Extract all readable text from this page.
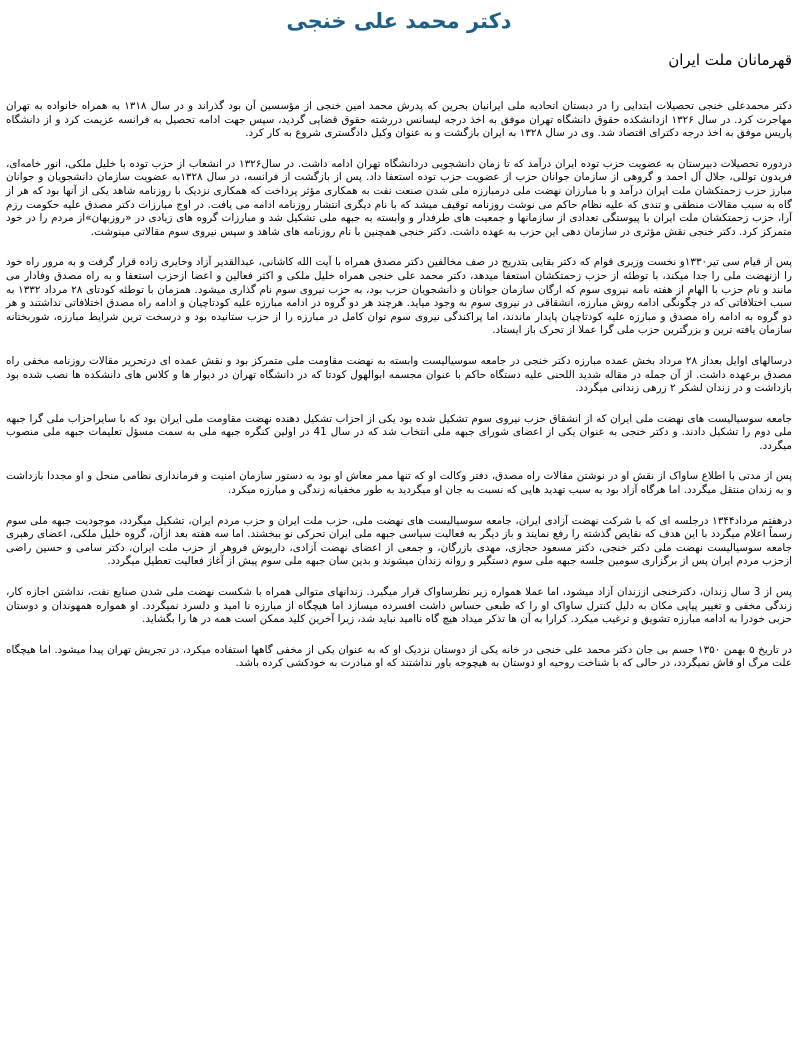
دکتر محمد علی خنجی
قهرمانان ملت ایران

دکتر محمدعلی خنجی تحصیلات ابتدایی را در دبستان اتحادیه ملی ایرانیان بحرین که پدرش محمد امین خنجی از مؤسسین آن بود گذراند و در سال ۱۳۱۸ به همراه خانواده به تهران مهاجرت کرد. در سال ۱۳۲۶ ازدانشکده حقوق دانشگاه تهران موفق به اخذ درجه لیسانس دررشته حقوق قضایی گردید، سپس جهت ادامه تحصیل به فرانسه عزیمت کرد و از دانشگاه پاریس موفق به اخذ درجه دکترای اقتصاد شد. وی در سال ۱۳۲۸ به ایران بازگشت و به عنوان وکیل دادگستری شروع به کار کرد.

دردوره تحصیلات دبیرستان به عضویت حزب توده ایران درآمد که تا زمان دانشجویی دردانشگاه تهران ادامه داشت. در سال۱۳۲۶ در انشعاب از حزب توده با خلیل ملکی، انور خامه‌ای، فریدون توللی، جلال آل احمد و گروهی از سازمان جوانان حزب از عضویت حزب توده استعفا داد. پس از بازگشت از فرانسه، در سال ۱۳۲۸به عضویت سازمان دانشجویان و جوانان مبارز حزب زحمتکشان ملت ایران درآمد و با مبارزان نهضت ملی درمبارزه ملی شدن صنعت نفت به همکاری مؤثر پرداخت که همکاری نزدیک با روزنامه شاهد یکی از آنها بود که هر از گاه به سبب مقالات منطقی و تندی که علیه نظام حاکم می نوشت روزنامه توقیف میشد که با نام دیگری انتشار روزنامه ادامه می یافت. در اوج مبارزات دکتر مصدق علیه حکومت رزم آرا، حزب زحمتکشان ملت ایران با پیوستگی تعدادی از سازمانها و جمعیت های طرفدار و وابسته به جبهه ملی تشکیل شد و مبارزات گروه های زیادی در «روزبهان»از مردم را در خود متمرکز کرد. دکتر خنجی نقش مؤثری در سازمان دهی این حزب به عهده داشت. دکتر خنجی همچنین با نام روزنامه های شاهد و سپس نیروی سوم مقالاتی مینوشت.

پس از قیام سی تیر۱۳۳۰و نخست وزیری قوام که دکتر بقایی بتدریج در صف مخالفین دکتر مصدق همراه با آیت الله کاشانی، عبدالقدیر آزاد وحایری زاده قرار گرفت و به مرور راه خود را ازنهضت ملی را جدا میکند، با توطئه از حزب زحمتکشان استعفا میدهد، دکتر محمد علی خنجی همراه خلیل ملکی و اکثر فعالین و اعضا ازحزب استعفا و به راه مصدق وفادار می مانند و نام حزب با الهام از هفته نامه نیروی سوم که ارگان سازمان جوانان و دانشجویان حزب بود، به حزب نیروی سوم نام گذاری میشود. همزمان با توطئه کودتای ۲۸ مرداد ۱۳۳۲ به سبب اختلافاتی که در چگونگی ادامه روش مبارزه، انشقاقی در نیروی سوم به وجود میاید. هرچند هر دو گروه در ادامه مبارزه علیه کودتاچیان و ادامه راه مصدق اختلافاتی نداشتند و هر دو گروه به ادامه راه مصدق و مبارزه علیه کودتاچیان پایدار ماندند، اما پراکندگی نیروی سوم توان کامل در مبارزه را از حزب ستانیده بود و درسخت ترین شرایط مبارزه، شوربختانه سازمان یافته ترین و بزرگترین حزب ملی گرا عملا از تحرک باز ایستاد.

درسالهای اوایل بعداز ۲۸ مرداد بخش عمده مبارزه دکتر خنجی در جامعه سوسیالیست وابسته به نهضت مقاومت ملی متمرکز بود و نقش عمده ای درتحریر مقالات روزنامه مخفی راه مصدق برعهده داشت. از آن جمله در مقاله شدید اللحنی علیه دستگاه حاکم با عنوان مجسمه ابوالهول کودتا که در دانشگاه تهران در دیوار ها و کلاس های دانشکده ها نصب شده بود بازداشت و در زندان لشکر ۲ زرهی زندانی میگردد.

جامعه سوسیالیست های نهضت ملی ایران که از انشقاق حزب نیروی سوم تشکیل شده بود یکی از احزاب تشکیل دهنده نهضت مقاومت ملی ایران بود که با سایراحزاب ملی گرا جبهه ملی دوم را تشکیل دادند. و دکتر خنجی به عنوان یکی از اعضای شورای جبهه ملی انتخاب شد که در سال 41 در اولین کنگره جبهه ملی به سمت مسؤل تعلیمات جبهه ملی منصوب میگردد.

پس از مدتی با اطلاع ساواک از نقش او در نوشتن مقالات راه مصدق، دفتر وکالت او که تنها ممر معاش او بود به دستور سازمان امنیت و فرمانداری نظامی منحل و او مجددا بازداشت و به زندان منتقل میگردد. اما هرگاه آزاد بود به سبب تهدید هایی که نسبت به جان او میگردید به طور مخفیانه زندگی و مبارزه میکرد.

درهفتم مرداد۱۳۴۴ درجلسه ای که با شرکت نهضت آزادی ایران، جامعه سوسیالیست های نهضت ملی، حزب ملت ایران و حزب مردم ایران، تشکیل میگردد، موجودیت جبهه ملی سوم رسماً اعلام میگردد با این هدف که نقایص گذشته را رفع نمایند و باز دیگر به فعالیت سیاسی جبهه ملی ایران تحرکی نو ببخشند. اما سه هفته بعد ازآن، گروه خلیل ملکی، اعضای رهبری جامعه سوسیالیست نهضت ملی دکتر خنجی، دکتر مسعود حجازی، مهدی بازرگان، و جمعی از اعضای نهضت آزادی، داریوش فروهر از حزب ملت ایران، دکتر سامی و حسین راضی ازحزب مردم ایران پس از برگزاری سومین جلسه جبهه ملی سوم دستگیر و روانه زندان میشوند و بدین سان جبهه ملی سوم پیش از آغاز فعالیت تعطیل میگردد.

پس از 3 سال زندان، دکترخنجی اززندان آزاد میشود، اما عملا همواره زیر نظرساواک قرار میگیرد. زندانهای متوالی همراه با شکست نهضت ملی شدن صنایع نفت، نداشتن اجازه کار، زندگی مخفی و تغییر پیاپی مکان به دلیل کنترل ساواک او را که طبعی حساس داشت افسرده میسازد اما هیچگاه از مبارزه نا امید و دلسرد نمیگردد. او همواره همهوندان و دوستان حزبی خودرا به ادامه مبارزه تشویق و ترغیب میکرد. کرارا به آن ها تذکر میداد هیچ گاه ناامید نباید شد، زیرا آخرین کلید ممکن است همه در ها را بگشاید.

در تاریخ ۵ بهمن ۱۳۵۰ جسم بی جان دکتر محمد علی خنجی در خانه یکی از دوستان نزدیک او که به عنوان یکی از مخفی گاهها استفاده میکرد، در تجریش تهران پیدا میشود. اما هیچگاه علت مرگ او فاش نمیگردد، در حالی که با شناخت روحیه او دوستان به هیچوجه باور نداشتند که او مبادرت به خودکشی کرده باشد.
